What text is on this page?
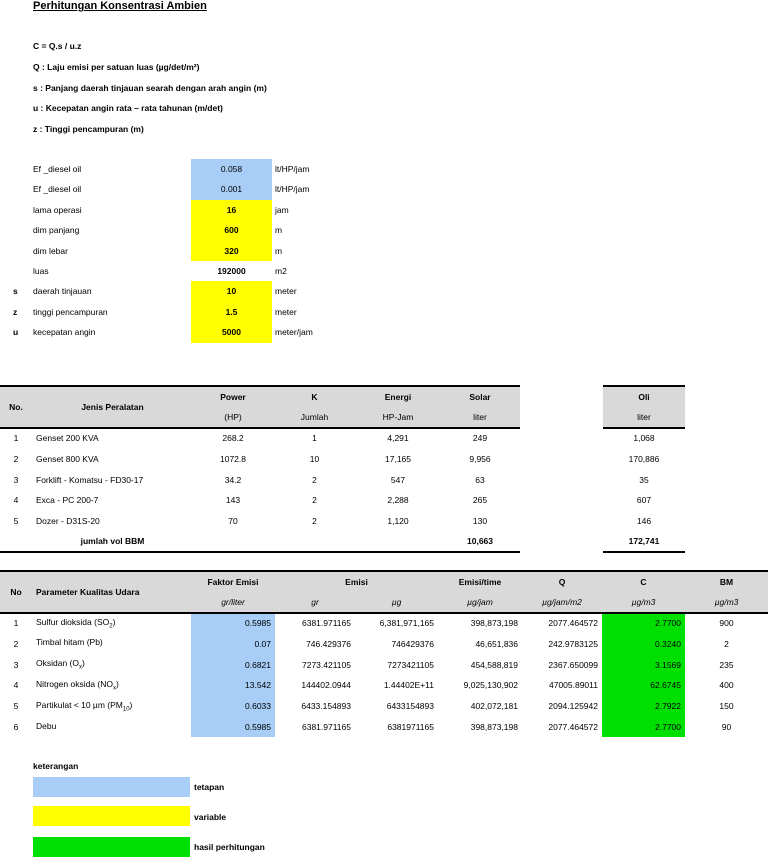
Perhitungan Konsentrasi Ambien
C = Q.s / u.z
Q : Laju emisi per satuan luas (µg/det/m²)
s : Panjang daerah tinjauan searah dengan arah angin (m)
u : Kecepatan angin rata – rata tahunan (m/det)
z : Tinggi pencampuran (m)
Ef _diesel oil	0.058	lt/HP/jam
Ef _diesel oil	0.001	lt/HP/jam
lama operasi	16	jam
dim panjang	600	m
dim lebar	320	m
luas	192000	m2
s daerah tinjauan	10	meter
z tinggi pencampuran	1.5	meter
u kecepatan angin	5000	meter/jam
No.	Jenis Peralatan	Power	K	Energi	Solar		Oli	
		(HP)	Jumlah	HP-Jam	liter		liter	
1	Genset 200 KVA	268.2	1	4,291	249		1,068	
2	Genset 800 KVA	1072.8	10	17,165	9,956		170,886	
3	Forklift - Komatsu - FD30-17	34.2	2	547	63		35	
4	Exca - PC 200-7	143	2	2,288	265		607	
5	Dozer - D31S-20	70	2	1,120	130		146	
	jumlah vol BBM				10,663		172,741	
No	Parameter Kualitas Udara	Faktor Emisi	Emisi		Emisi/time	Q	C	BM
		gr/liter	gr	µg	µg/jam	µg/jam/m2	µg/m3	µg/m3
1	Sulfur dioksida $(SO_2)$	0.5985	6381.971165	6,381,971,165	398,873,198	2077.464572	2.7700	900
2	Timbal hitam (Pb)	0.07	746.429376	746429376	46,651,836	242.9783125	0.3240	2
3	Oksidan $(O_x)$	0.6821	7273.421105	7273421105	454,588,819	2367.650099	3.1569	235
4	Nitrogen oksida $(NO_x)$	13.542	144402.0944	1.44402E+11	9,025,130,902	47005.89011	62.6745	400
5	Partikulat < 10 µm $(PM_{10})$	0.6033	6433.154893	6433154893	402,072,181	2094.125942	2.7922	150
6	Debu	0.5985	6381.971165	6381971165	398,873,198	2077.464572	2.7700	90
keterangan
tetapan
variable
hasil perhitungan
